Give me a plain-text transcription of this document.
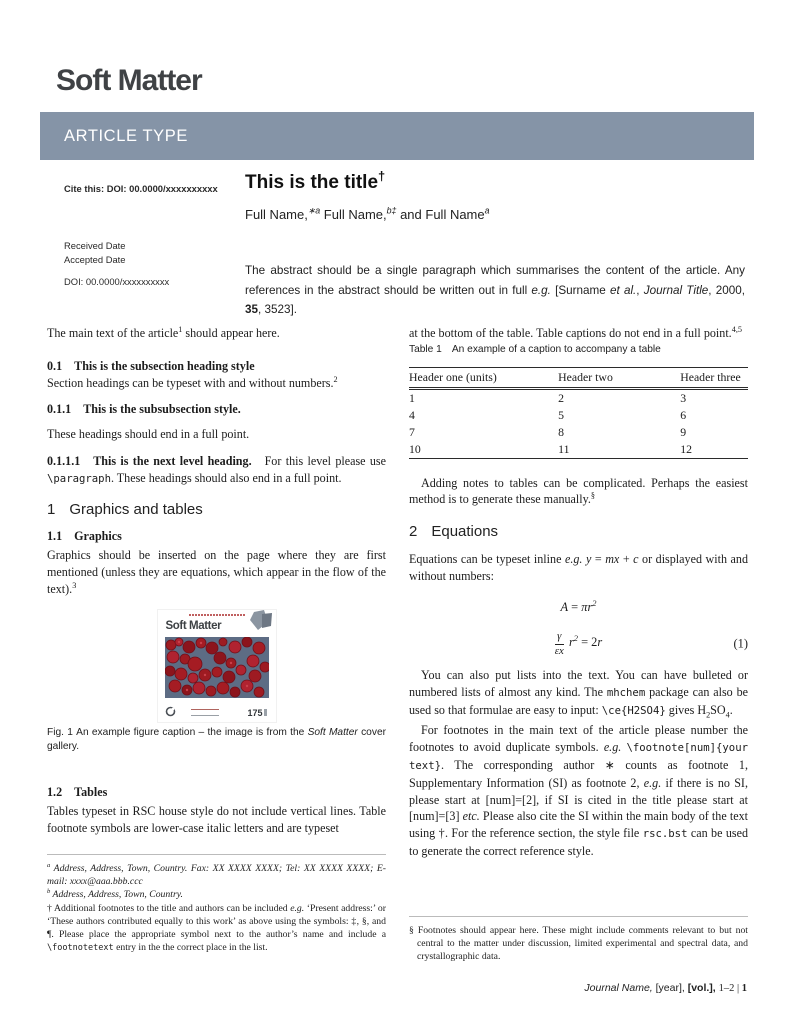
Soft Matter
ARTICLE TYPE
Cite this: DOI: 00.0000/xxxxxxxxxx
Received Date
Accepted Date
DOI: 00.0000/xxxxxxxxxx
This is the title†
Full Name,$^{∗a}$ Full Name,$^{b\ddagger}$ and Full Name$^a$
The abstract should be a single paragraph which summarises the content of the article. Any references in the abstract should be written out in full e.g. [Surname et al., Journal Title, 2000, 35, 3523].

The main text of the article$^1$ should appear here.

0.1 This is the subsection heading style

Section headings can be typeset with and without numbers.$^2$

0.1.1 This is the subsubsection style.

These headings should end in a full point.

0.1.1.1   This is the next level heading.   For this level please use \paragraph. These headings should also end in a full point.

1 Graphics and tables

1.1 Graphics

Graphics should be inserted on the page where they are first mentioned (unless they are equations, which appear in the flow of the text).$^3$

Soft Matter
175

Fig. 1 An example figure caption – the image is from the Soft Matter cover gallery.

1.2 Tables

Tables typeset in RSC house style do not include vertical lines. Table footnote symbols are lower-case italic letters and are typeset

at the bottom of the table. Table captions do not end in a full point.$^{4,5}$

Table 1 An example of a caption to accompany a table

Header one (units)	Header two	Header three
1	2	3
4	5	6
7	8	9
10	11	12

Adding notes to tables can be complicated. Perhaps the easiest method is to generate these manually.§

2 Equations

Equations can be typeset inline e.g. y = mx + c or displayed with and without numbers:

$A = \pi r^2$
$\frac{\gamma}{\varepsilon x} r^2 = 2r$	(1)

You can also put lists into the text. You can have bulleted or numbered lists of almost any kind. The mhchem package can also be used so that formulae are easy to input: \ce{H2SO4} gives $H_2SO_4$.

For footnotes in the main text of the article please number the footnotes to avoid duplicate symbols. e.g. \footnote[num]{your text}. The corresponding author ∗ counts as footnote 1, Supplementary Information (SI) as footnote 2, e.g. if there is no SI, please start at [num]=[2], if SI is cited in the title please start at [num]=[3] etc. Please also cite the SI within the main body of the text using †. For the reference section, the style file rsc.bst can be used to generate the correct reference style.

$^a$ Address, Address, Town, Country. Fax: XX XXXX XXXX; Tel: XX XXXX XXXX; E-mail: xxxx@aaa.bbb.ccc

$^b$ Address, Address, Town, Country.

† Additional footnotes to the title and authors can be included e.g. ‘Present address:’ or ‘These authors contributed equally to this work’ as above using the symbols: ‡, §, and ¶. Please place the appropriate symbol next to the author’s name and include a \footnotetext entry in the the correct place in the list.

§ Footnotes should appear here. These might include comments relevant to but not central to the matter under discussion, limited experimental and spectral data, and crystallographic data.

Journal Name, [year], [vol.], 1–2 | 1
